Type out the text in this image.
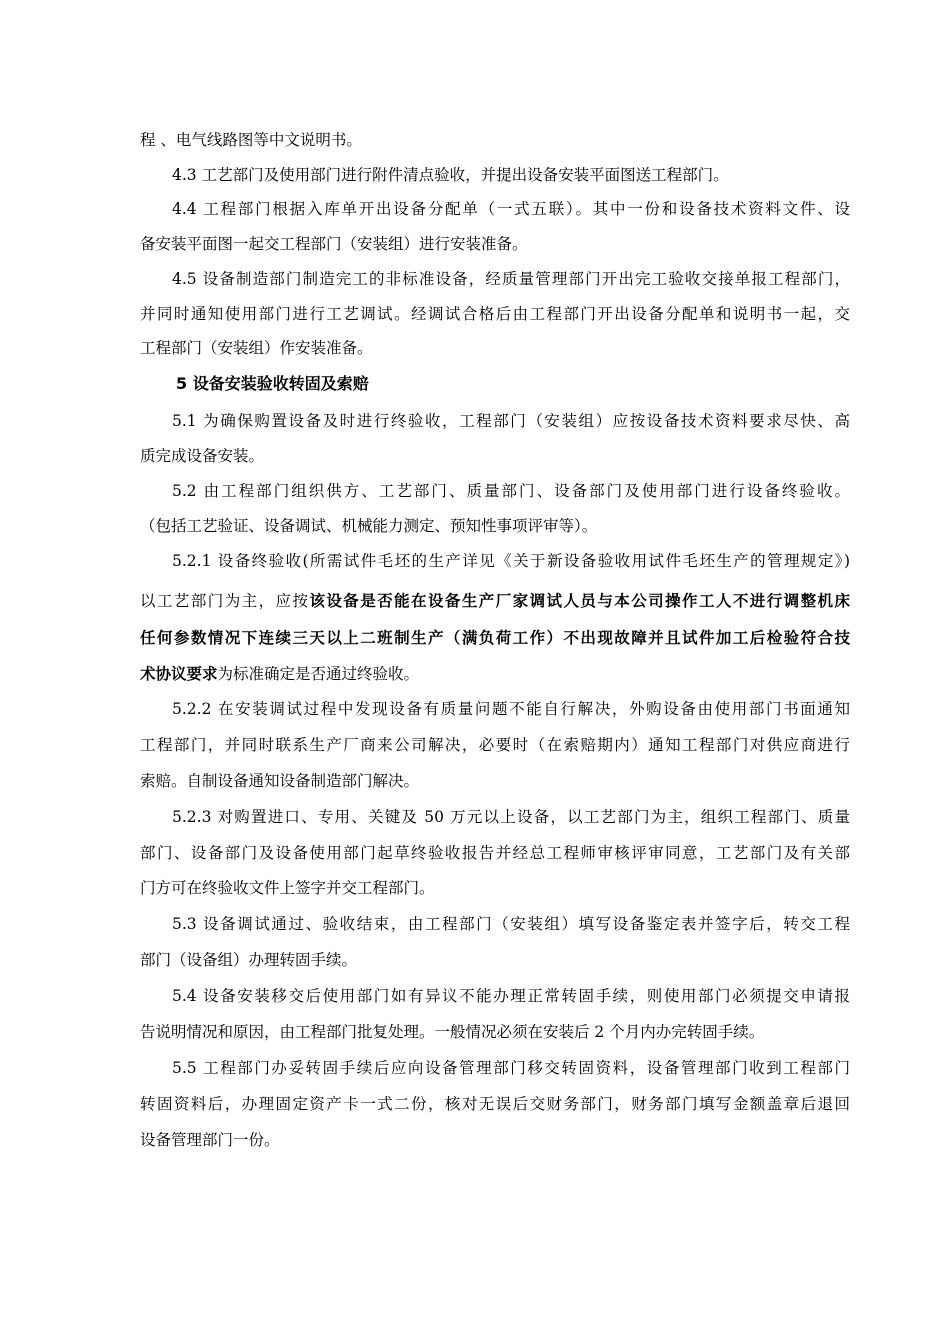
程 、电气线路图等中文说明书。
4.3 工艺部门及使用部门进行附件清点验收，并提出设备安装平面图送工程部门。
4.4 工程部门根据入库单开出设备分配单（一式五联）。其中一份和设备技术资料文件、设
备安装平面图一起交工程部门（安装组）进行安装准备。
4.5 设备制造部门制造完工的非标准设备，经质量管理部门开出完工验收交接单报工程部门，
并同时通知使用部门进行工艺调试。经调试合格后由工程部门开出设备分配单和说明书一起，交
工程部门（安装组）作安装准备。
5 设备安装验收转固及索赔
5.1 为确保购置设备及时进行终验收，工程部门（安装组）应按设备技术资料要求尽快、高
质完成设备安装。
5.2 由工程部门组织供方、工艺部门、质量部门、设备部门及使用部门进行设备终验收。
（包括工艺验证、设备调试、机械能力测定、预知性事项评审等）。
5.2.1 设备终验收(所需试件毛坯的生产详见《关于新设备验收用试件毛坯生产的管理规定》)
以工艺部门为主，应按该设备是否能在设备生产厂家调试人员与本公司操作工人不进行调整机床
任何参数情况下连续三天以上二班制生产（满负荷工作）不出现故障并且试件加工后检验符合技
术协议要求为标准确定是否通过终验收。
5.2.2 在安装调试过程中发现设备有质量问题不能自行解决，外购设备由使用部门书面通知
工程部门，并同时联系生产厂商来公司解决，必要时（在索赔期内）通知工程部门对供应商进行
索赔。自制设备通知设备制造部门解决。
5.2.3 对购置进口、专用、关键及 50 万元以上设备，以工艺部门为主，组织工程部门、质量
部门、设备部门及设备使用部门起草终验收报告并经总工程师审核评审同意，工艺部门及有关部
门方可在终验收文件上签字并交工程部门。
5.3 设备调试通过、验收结束，由工程部门（安装组）填写设备鉴定表并签字后，转交工程
部门（设备组）办理转固手续。
5.4 设备安装移交后使用部门如有异议不能办理正常转固手续，则使用部门必须提交申请报
告说明情况和原因，由工程部门批复处理。一般情况必须在安装后 2 个月内办完转固手续。
5.5 工程部门办妥转固手续后应向设备管理部门移交转固资料，设备管理部门收到工程部门
转固资料后，办理固定资产卡一式二份，核对无误后交财务部门，财务部门填写金额盖章后退回
设备管理部门一份。
